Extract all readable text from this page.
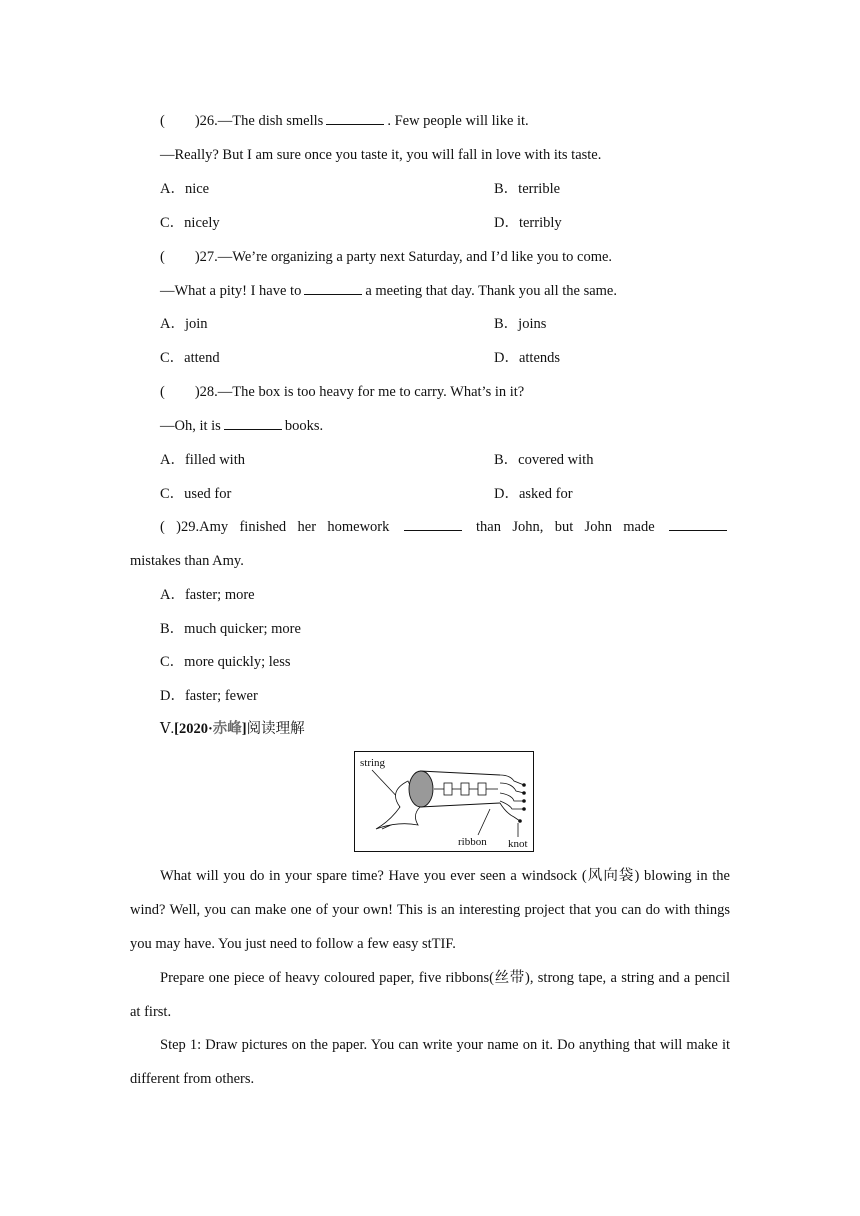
( )26.—The dish smells	. Few people will like it.
—Really? But I am sure once you taste it, you will fall in love with its taste.
A．nice	B．terrible
C．nicely	D．terribly
( )27.—We’re organizing a party next Saturday, and I’d like you to come.
—What a pity! I have to	a meeting that day. Thank you all the same.
A．join	B．joins
C．attend	D．attends
( )28.—The box is too heavy for me to carry. What’s in it?
—Oh, it is	books.
A．filled with	B．covered with
C．used for	D．asked for
( )29.Amy finished her homework	than John, but John made
mistakes than Amy.
A．faster; more
B．much quicker; more
C．more quickly; less
D．faster; fewer
Ⅴ.[2020·赤峰]阅读理解
string
ribbon knot
What will you do in your spare time? Have you ever seen a windsock (风向袋) blowing in the wind? Well, you can make one of your own! This is an interesting project that you can do with things you may have. You just need to follow a few easy stTIF.
Prepare one piece of heavy coloured paper, five ribbons(丝带), strong tape, a string and a pencil at first.
Step 1: Draw pictures on the paper. You can write your name on it. Do anything that will make it different from others.
